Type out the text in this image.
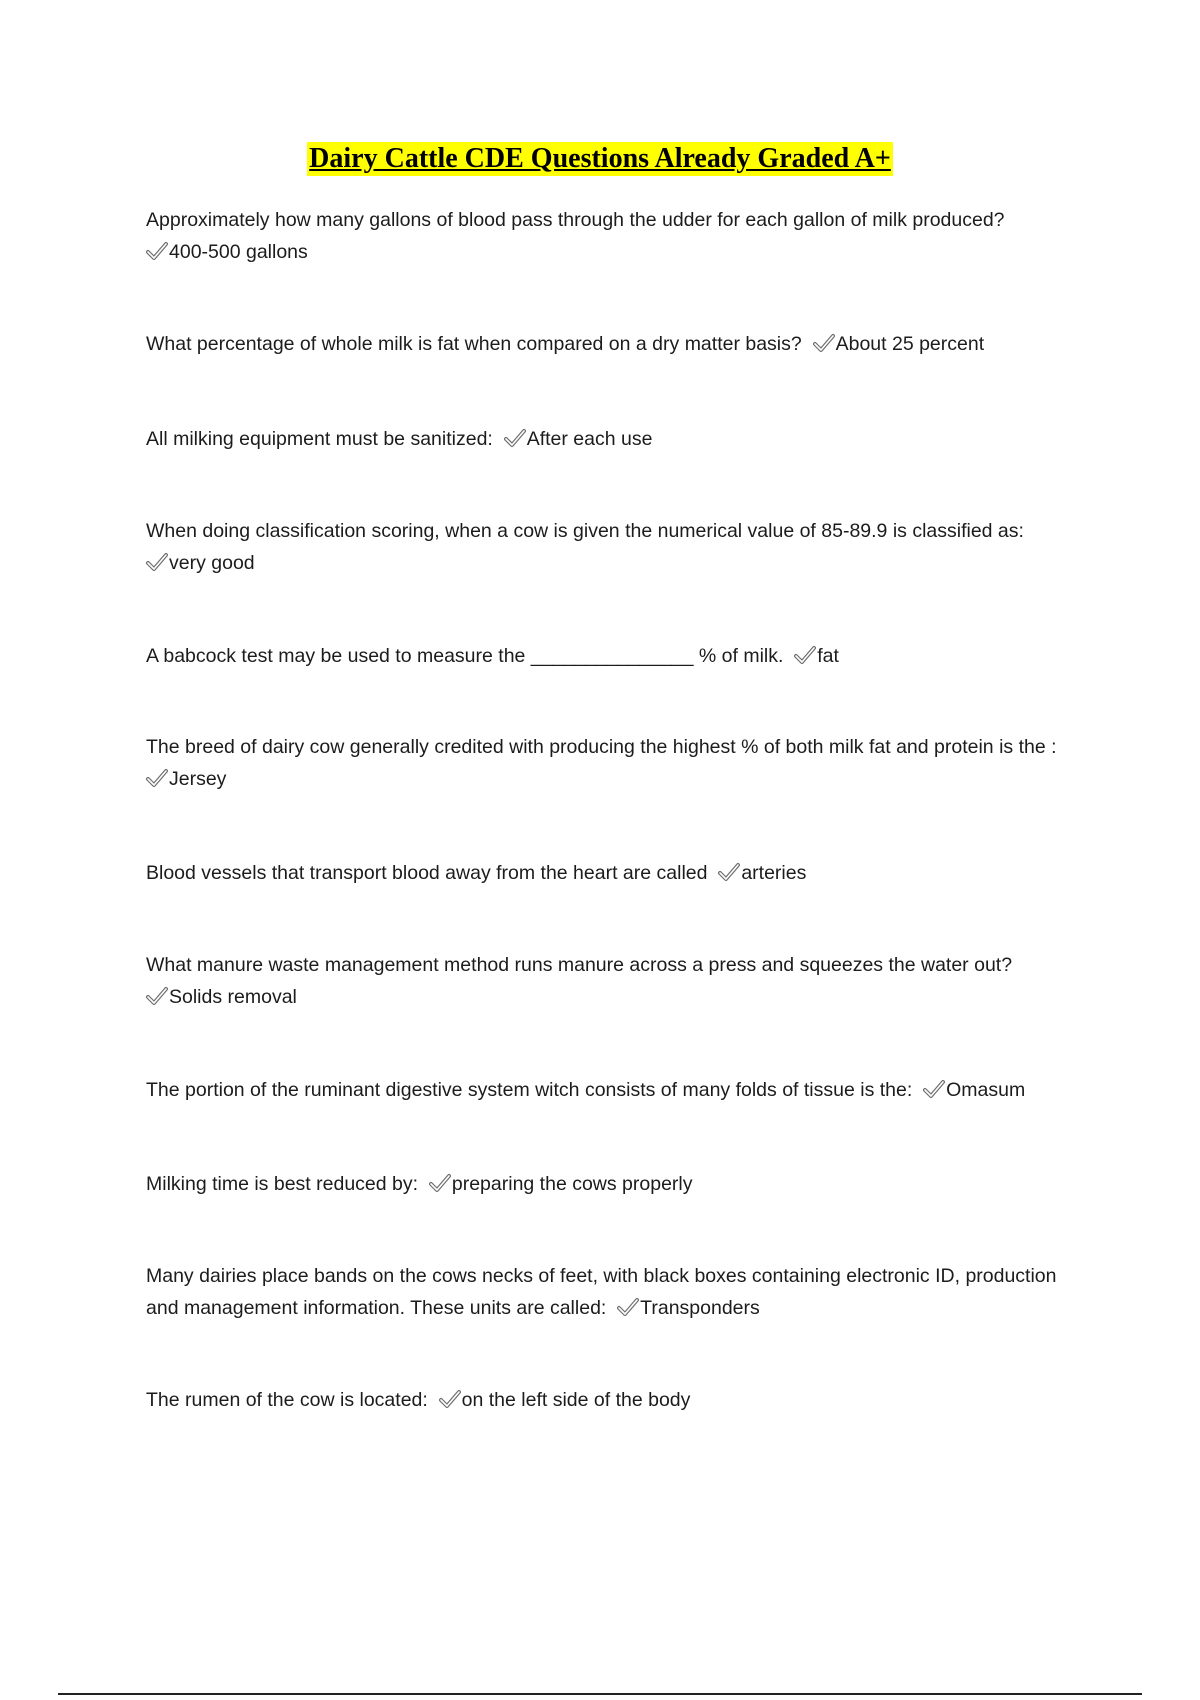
Dairy Cattle CDE Questions Already Graded A+
Approximately how many gallons of blood pass through the udder for each gallon of milk produced?

400-500 gallons
What percentage of whole milk is fat when compared on a dry matter basis? About 25 percent
All milking equipment must be sanitized: After each use
When doing classification scoring, when a cow is given the numerical value of 85-89.9 is classified as:

very good
A babcock test may be used to measure the _______________ % of milk. fat
The breed of dairy cow generally credited with producing the highest % of both milk fat and protein is the :
Jersey
Blood vessels that transport blood away from the heart are called arteries
What manure waste management method runs manure across a press and squeezes the water out?

Solids removal
The portion of the ruminant digestive system witch consists of many folds of tissue is the: Omasum
Milking time is best reduced by: preparing the cows properly
Many dairies place bands on the cows necks of feet, with black boxes containing electronic ID, production and management information. These units are called: Transponders
The rumen of the cow is located: on the left side of the body
